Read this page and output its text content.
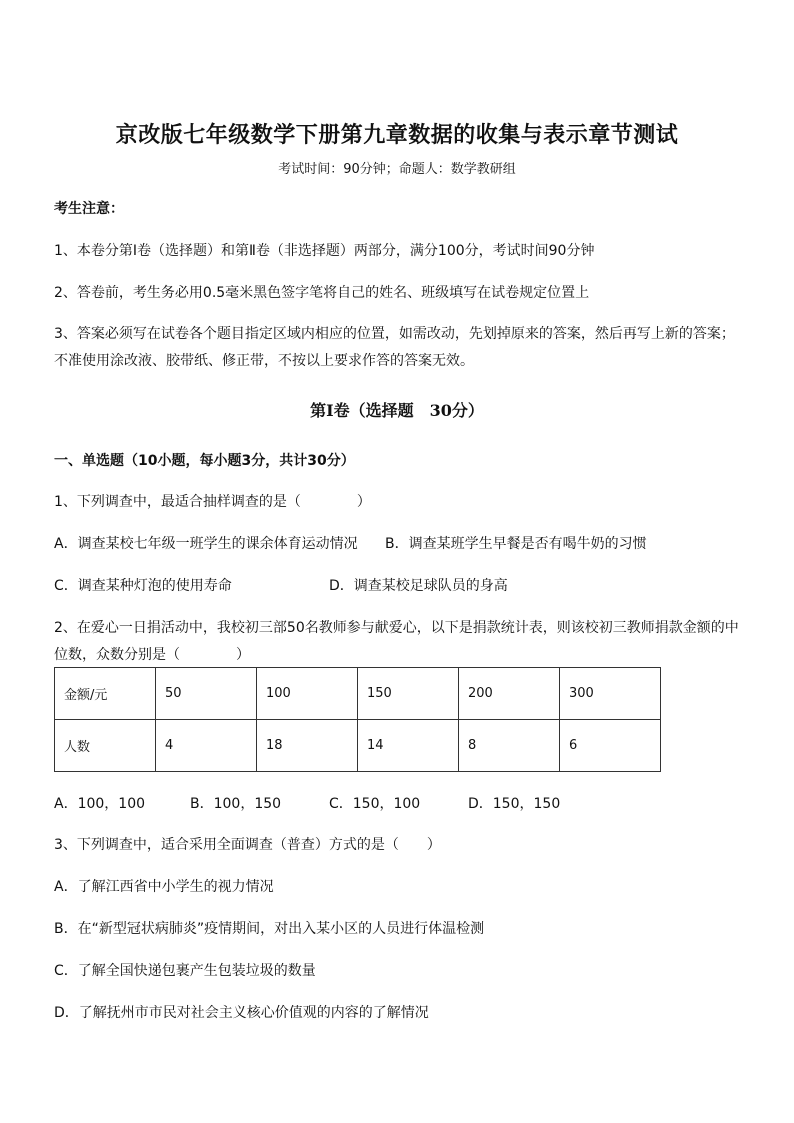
京改版七年级数学下册第九章数据的收集与表示章节测试
考试时间：90分钟；命题人：数学教研组
考生注意：
1、本卷分第Ⅰ卷（选择题）和第Ⅱ卷（非选择题）两部分，满分100分，考试时间90分钟
2、答卷前，考生务必用0.5毫米黑色签字笔将自己的姓名、班级填写在试卷规定位置上
3、答案必须写在试卷各个题目指定区域内相应的位置，如需改动，先划掉原来的答案，然后再写上新的答案；不准使用涂改液、胶带纸、修正带，不按以上要求作答的答案无效。
第Ⅰ卷（选择题　30分）
一、单选题（10小题，每小题3分，共计30分）
1、下列调查中，最适合抽样调查的是（　　　　）
A．调查某校七年级一班学生的课余体育运动情况 B．调查某班学生早餐是否有喝牛奶的习惯
C．调查某种灯泡的使用寿命	D．调查某校足球队员的身高
2、在爱心一日捐活动中，我校初三部50名教师参与献爱心，以下是捐款统计表，则该校初三教师捐款金额的中位数，众数分别是（　　　　）
金额/元	50	100	150	200	300
人数	4	18	14	8	6
A．100，100	B．100，150	C．150，100	D．150，150
3、下列调查中，适合采用全面调查（普查）方式的是（　　）
A．了解江西省中小学生的视力情况
B．在“新型冠状病肺炎”疫情期间，对出入某小区的人员进行体温检测
C．了解全国快递包裹产生包装垃圾的数量
D．了解抚州市市民对社会主义核心价值观的内容的了解情况
